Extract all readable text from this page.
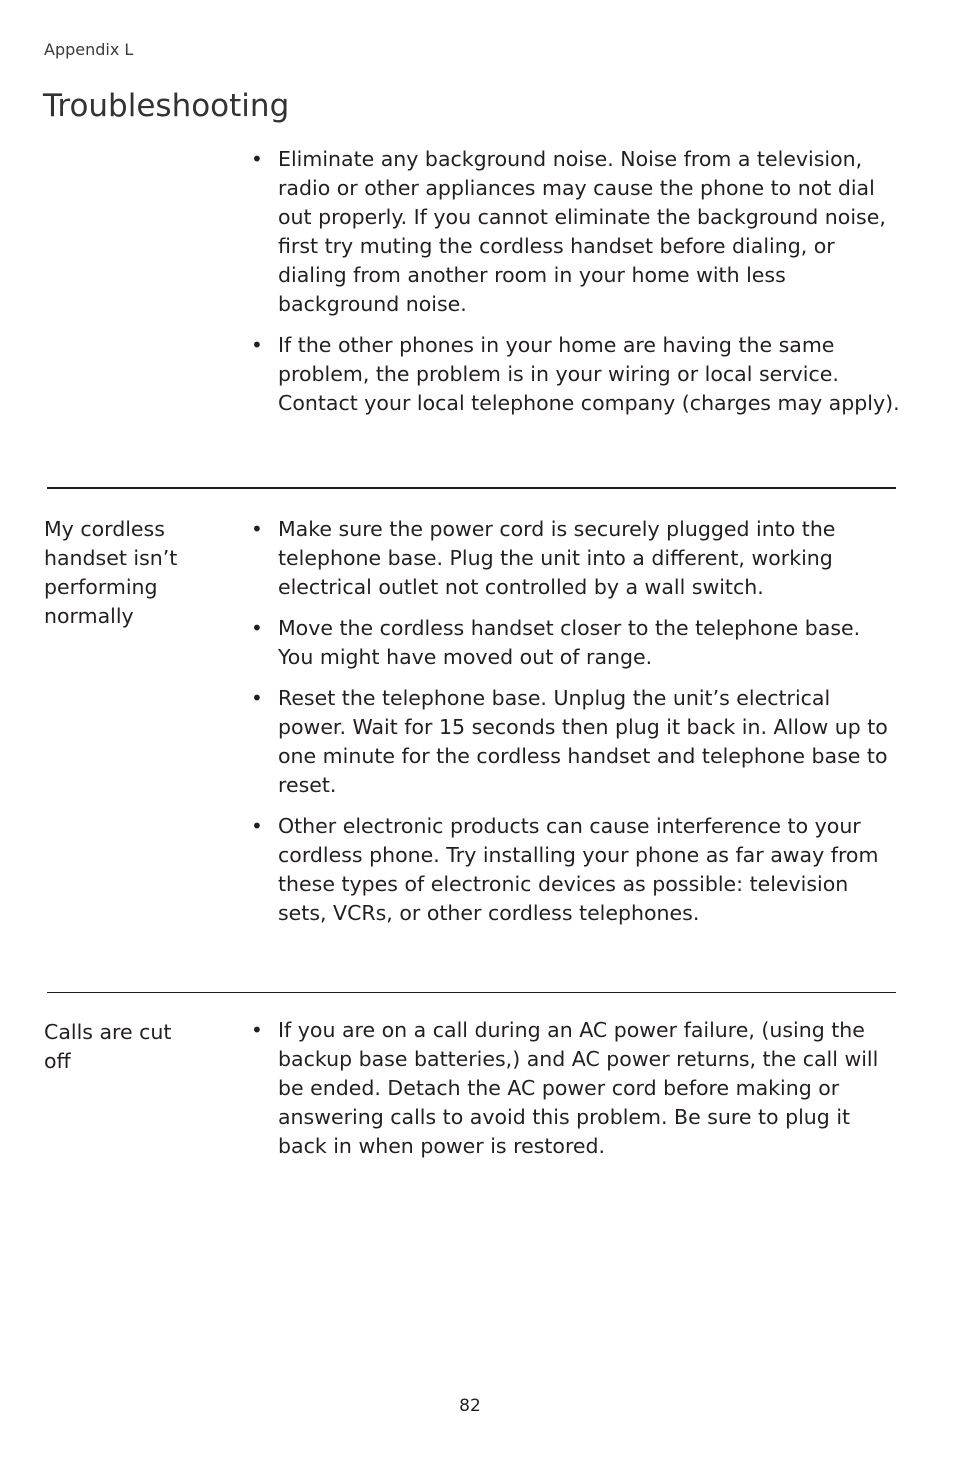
Appendix L
Troubleshooting
• Eliminate any background noise. Noise from a television, radio or other appliances may cause the phone to not dial out properly. If you cannot eliminate the background noise, first try muting the cordless handset before dialing, or dialing from another room in your home with less background noise.
• If the other phones in your home are having the same problem, the problem is in your wiring or local service. Contact your local telephone company (charges may apply).

My cordless handset isn’t performing normally

• Make sure the power cord is securely plugged into the telephone base. Plug the unit into a different, working electrical outlet not controlled by a wall switch.
• Move the cordless handset closer to the telephone base. You might have moved out of range.
• Reset the telephone base. Unplug the unit’s electrical power. Wait for 15 seconds then plug it back in. Allow up to one minute for the cordless handset and telephone base to reset.
• Other electronic products can cause interference to your cordless phone. Try installing your phone as far away from these types of electronic devices as possible: television sets, VCRs, or other cordless telephones.

Calls are cut off

• If you are on a call during an AC power failure, (using the backup base batteries,) and AC power returns, the call will be ended. Detach the AC power cord before making or answering calls to avoid this problem. Be sure to plug it back in when power is restored.
82
